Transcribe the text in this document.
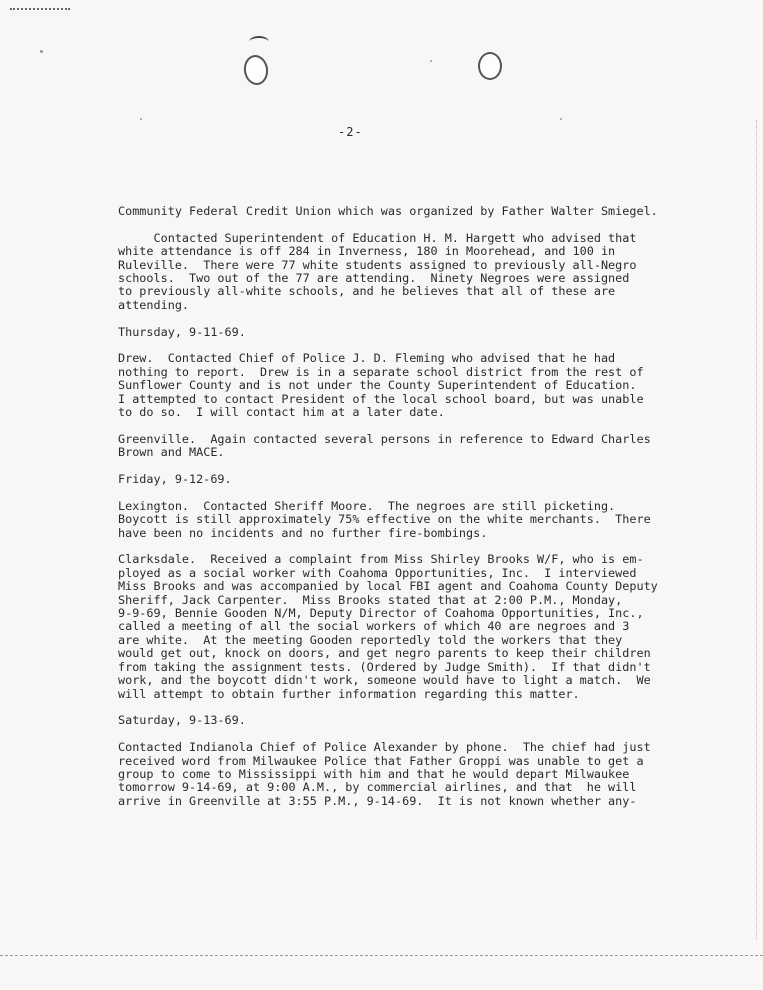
-2-

Community Federal Credit Union which was organized by Father Walter Smiegel.

Contacted Superintendent of Education H. M. Hargett who advised that
white attendance is off 284 in Inverness, 180 in Moorehead, and 100 in
Ruleville.  There were 77 white students assigned to previously all-Negro
schools.  Two out of the 77 are attending.  Ninety Negroes were assigned
to previously all-white schools, and he believes that all of these are
attending.

Thursday, 9-11-69.

Drew.  Contacted Chief of Police J. D. Fleming who advised that he had
nothing to report.  Drew is in a separate school district from the rest of
Sunflower County and is not under the County Superintendent of Education.
I attempted to contact President of the local school board, but was unable
to do so.  I will contact him at a later date.

Greenville.  Again contacted several persons in reference to Edward Charles
Brown and MACE.

Friday, 9-12-69.

Lexington.  Contacted Sheriff Moore.  The negroes are still picketing.
Boycott is still approximately 75% effective on the white merchants.  There
have been no incidents and no further fire-bombings.

Clarksdale.  Received a complaint from Miss Shirley Brooks W/F, who is em-
ployed as a social worker with Coahoma Opportunities, Inc.  I interviewed
Miss Brooks and was accompanied by local FBI agent and Coahoma County Deputy
Sheriff, Jack Carpenter.  Miss Brooks stated that at 2:00 P.M., Monday,
9-9-69, Bennie Gooden N/M, Deputy Director of Coahoma Opportunities, Inc.,
called a meeting of all the social workers of which 40 are negroes and 3
are white.  At the meeting Gooden reportedly told the workers that they
would get out, knock on doors, and get negro parents to keep their children
from taking the assignment tests. (Ordered by Judge Smith).  If that didn't
work, and the boycott didn't work, someone would have to light a match.  We
will attempt to obtain further information regarding this matter.

Saturday, 9-13-69.

Contacted Indianola Chief of Police Alexander by phone.  The chief had just
received word from Milwaukee Police that Father Groppi was unable to get a
group to come to Mississippi with him and that he would depart Milwaukee
tomorrow 9-14-69, at 9:00 A.M., by commercial airlines, and that  he will
arrive in Greenville at 3:55 P.M., 9-14-69.  It is not known whether any-
